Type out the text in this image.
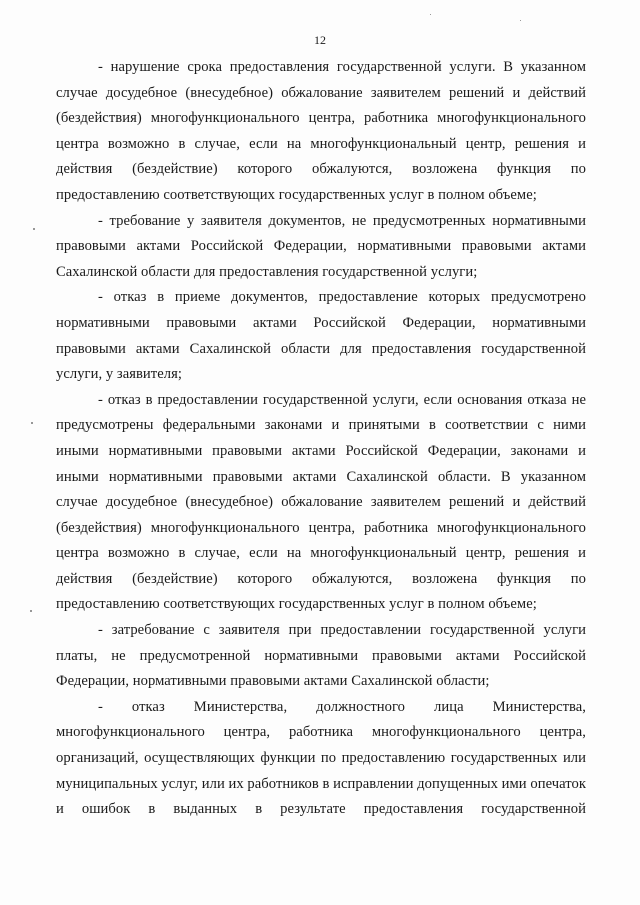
12

- нарушение срока предоставления государственной услуги. В указанном случае досудебное (внесудебное) обжалование заявителем решений и действий (бездействия) многофункционального центра, работника многофункционального центра возможно в случае, если на многофункциональный центр, решения и действия (бездействие) которого обжалуются, возложена функция по предоставлению соответствующих государственных услуг в полном объеме;

- требование у заявителя документов, не предусмотренных нормативными правовыми актами Российской Федерации, нормативными правовыми актами Сахалинской области для предоставления государственной услуги;

- отказ в приеме документов, предоставление которых предусмотрено нормативными правовыми актами Российской Федерации, нормативными правовыми актами Сахалинской области для предоставления государственной услуги, у заявителя;

- отказ в предоставлении государственной услуги, если основания отказа не предусмотрены федеральными законами и принятыми в соответствии с ними иными нормативными правовыми актами Российской Федерации, законами и иными нормативными правовыми актами Сахалинской области. В указанном случае досудебное (внесудебное) обжалование заявителем решений и действий (бездействия) многофункционального центра, работника многофункционального центра возможно в случае, если на многофункциональный центр, решения и действия (бездействие) которого обжалуются, возложена функция по предоставлению соответствующих государственных услуг в полном объеме;

- затребование с заявителя при предоставлении государственной услуги платы, не предусмотренной нормативными правовыми актами Российской Федерации, нормативными правовыми актами Сахалинской области;

- отказ Министерства, должностного лица Министерства, многофункционального центра, работника многофункционального центра, организаций, осуществляющих функции по предоставлению государственных или муниципальных услуг, или их работников в исправлении допущенных ими опечаток и ошибок в выданных в результате предоставления государственной
